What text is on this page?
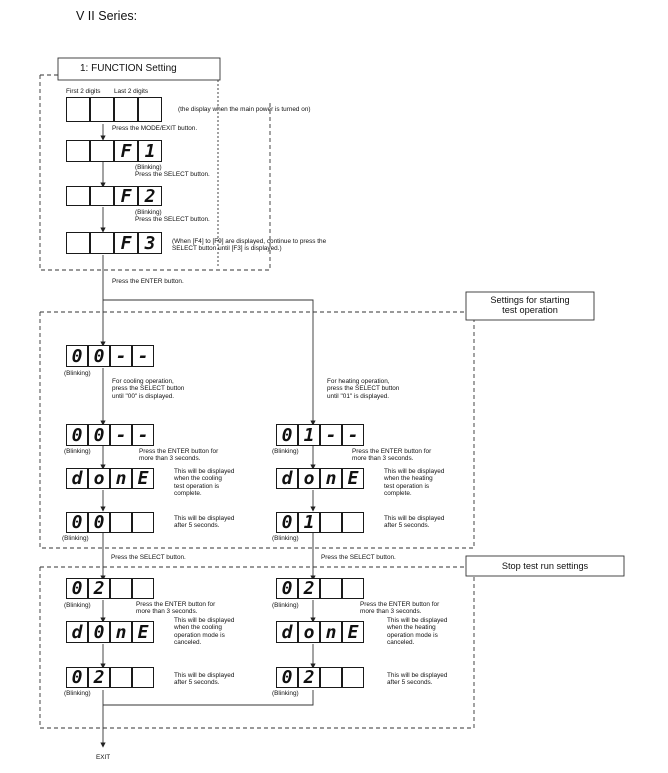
V II Series:
1: FUNCTION Setting
First 2 digits Last 2 digits
(the display when the main power is turned on)
Press the MODE/EXIT button.
F 1
(Blinking)
Press the SELECT button.
F 2
(Blinking)
Press the SELECT button.
F 3	(When [F4] to [F9] are displayed, continue to press the
SELECT button until [F3] is displayed.)
Press the ENTER button.
Settings for starting
test operation
Stop test run settings
0 0 - -
(Blinking)
For cooling operation,
press the SELECT button
until "00" is displayed.
For heating operation,
press the SELECT button
until "01" is displayed.
0 0 - -
(Blinking)	Press the ENTER button for
more than 3 seconds.
0 1 - -
(Blinking)	Press the ENTER button for
more than 3 seconds.
d o n E	This will be displayed
when the cooling
test operation is
complete.
d o n E	This will be displayed
when the heating
test operation is
complete.
0 0
(Blinking)
This will be displayed
after 5 seconds.	0 1
(Blinking)
This will be displayed
after 5 seconds.
Press the SELECT button.	Press the SELECT button.
0 2
(Blinking)	Press the ENTER button for
more than 3 seconds.
0 2
(Blinking)	Press the ENTER button for
more than 3 seconds.
d 0 n E
This will be displayed
when the cooling
operation mode is
canceled.
d o n E
This will be displayed
when the heating
operation mode is
canceled.
0 2
(Blinking)
This will be displayed
after 5 seconds.	0 2
(Blinking)
This will be displayed
after 5 seconds.
EXIT
